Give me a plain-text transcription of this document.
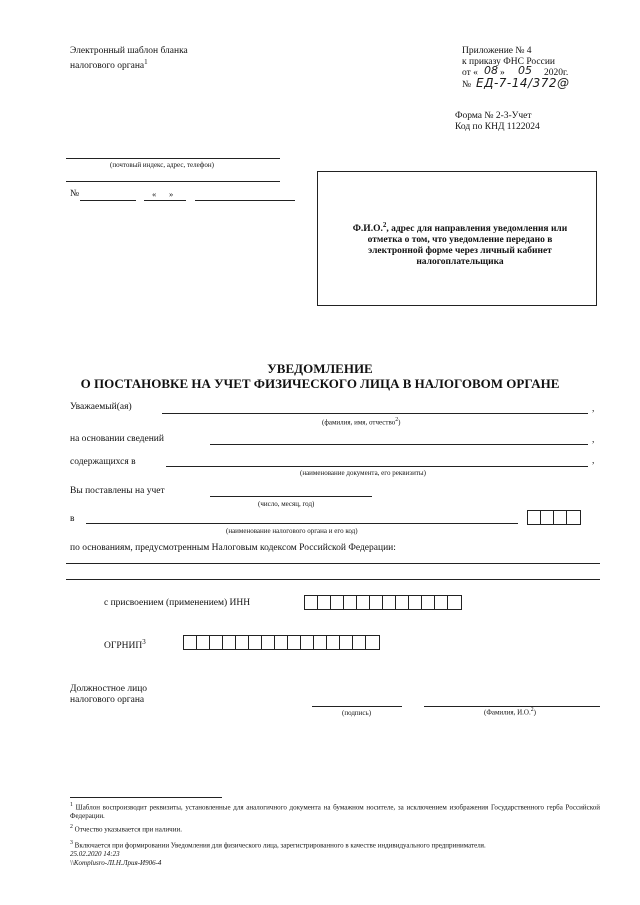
Электронный шаблон бланка
налогового органа$^1$
Приложение № 4
к приказу ФНС России
от « 08 » 05 2020г.
№ ЕД-7-14/372@
Форма № 2-3-Учет
Код по КНД 1122024
(почтовый индекс, адрес, телефон)
№	«      »
Ф.И.О.$^2$, адрес для направления уведомления или отметка о том, что уведомление передано в электронной форме через личный кабинет налогоплательщика
УВЕДОМЛЕНИЕ
О ПОСТАНОВКЕ НА УЧЕТ ФИЗИЧЕСКОГО ЛИЦА В НАЛОГОВОМ ОРГАНЕ
Уважаемый(ая)	,
(фамилия, имя, отчество$^2$)
на основании сведений	,
содержащихся в	,
(наименование документа, его реквизиты)
Вы поставлены на учет
(число, месяц, год)
в
(наименование налогового органа и его код)
по основаниям, предусмотренным Налоговым кодексом Российской Федерации:
с присвоением (применением) ИНН
ОГРНИП$^3$
Должностное лицо
налогового органа
(подпись)	(Фамилия, И.О.$^2$)
$^1$ Шаблон воспроизводит реквизиты, установленные для аналогичного документа на бумажном носителе, за исключением изображения Государственного герба Российской Федерации.
$^2$ Отчество указывается при наличии.
$^3$ Включается при формировании Уведомления для физического лица, зарегистрированного в качестве индивидуального предпринимателя.
25.02.2020 14:23
\\Komplusro-ЛI.Н.Лрия-И906-4
